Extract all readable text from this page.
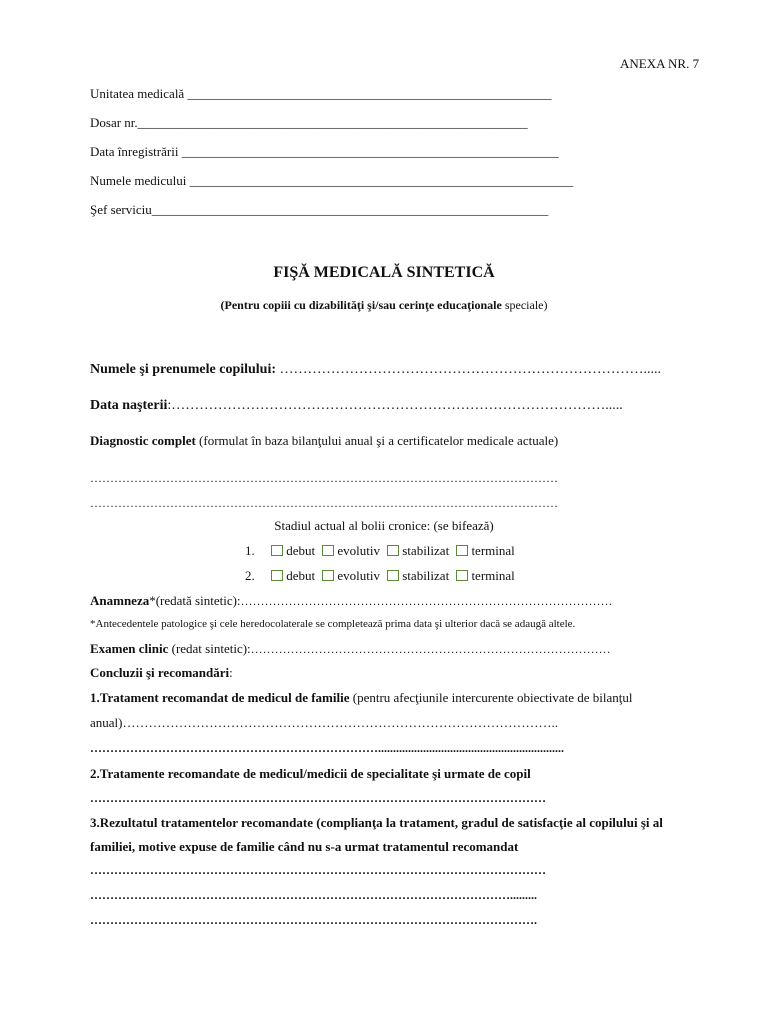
ANEXA NR. 7
Unitatea medicală ________________________________________________________
Dosar nr.____________________________________________________________
Data înregistrării __________________________________________________________
Numele medicului ___________________________________________________________
Şef serviciu_____________________________________________________________
FIŞĂ MEDICALĂ SINTETICĂ
(Pentru copiii cu dizabilităţi şi/sau cerinţe educaţionale speciale)
Numele şi prenumele copilului: …………………………………………………………………….....
Data naşterii:………………………………………………………………………………….....
Diagnostic complet (formulat în baza bilanţului anual şi a certificatelor medicale actuale)
………………………………………………………………………………………………………
………………………………………………………………………………………………………
Stadiul actual al bolii cronice: (se bifează)
1. debut evolutiv stabilizat terminal
2. debut evolutiv stabilizat terminal
Anamneza*(redată sintetic):…………………………………………………………………………………
*Antecedentele patologice şi cele heredocolaterale se completează prima data şi ulterior dacă se adaugă altele.
Examen clinic (redat sintetic):………………………………………………………………………………
Concluzii şi recomandări:
1.Tratament recomandat de medicul de familie (pentru afecţiunile intercurente obiectivate de bilanţul
anual)………………………………………………………………………………………..
………………………………………………………………..............................................................
2.Tratamente recomandate de medicul/medicii de specialitate şi urmate de copil
……………………………………………………………………………………………………
3.Rezultatul tratamentelor recomandate (complianţa la tratament, gradul de satisfacţie al copilului şi al
familiei, motive expuse de familie când nu s-a urmat tratamentul recomandat
……………………………………………………………………………………………………
…………………………………………………………………………………………….........
………………………………………………………………………………………………….
